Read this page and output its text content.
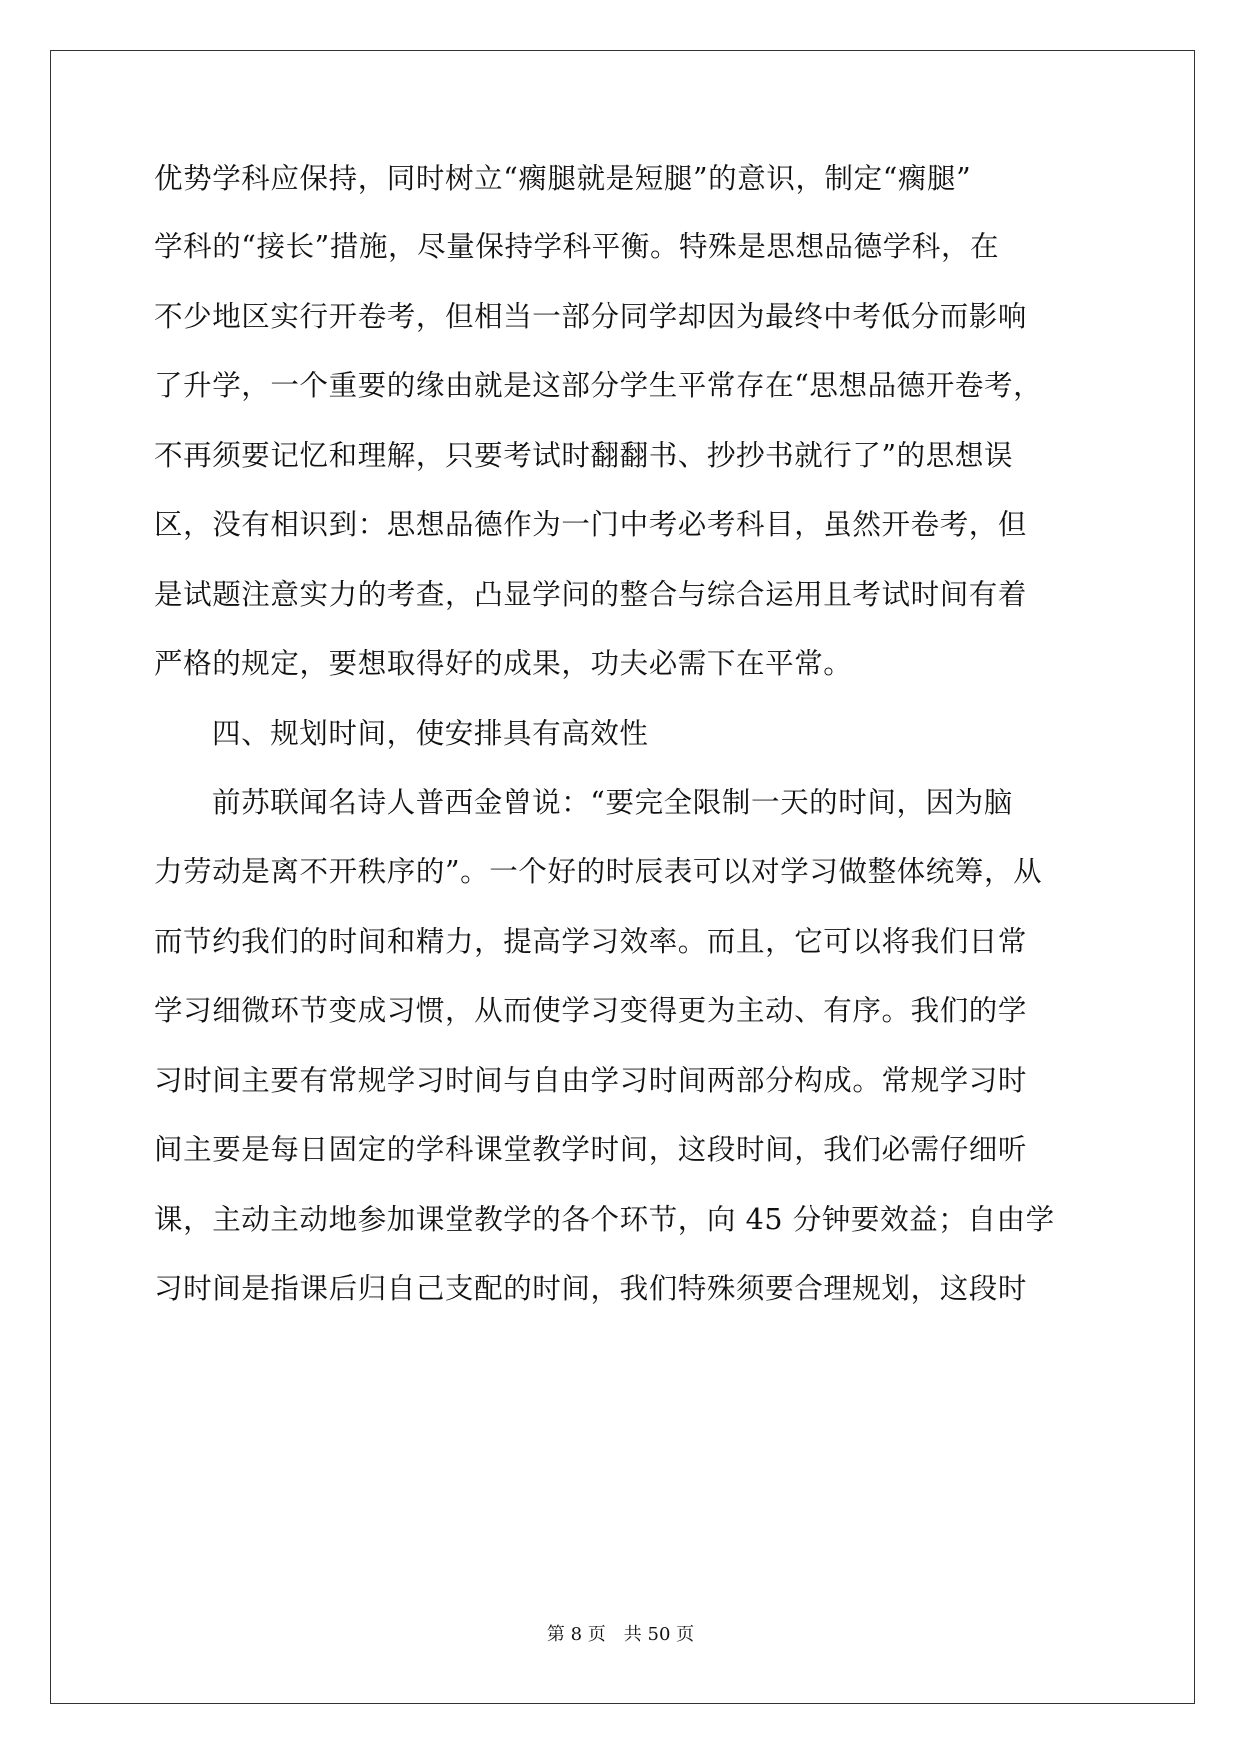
优势学科应保持，同时树立“瘸腿就是短腿”的意识，制定“瘸腿”
学科的“接长”措施，尽量保持学科平衡。特殊是思想品德学科，在
不少地区实行开卷考，但相当一部分同学却因为最终中考低分而影响
了升学，一个重要的缘由就是这部分学生平常存在“思想品德开卷考，
不再须要记忆和理解，只要考试时翻翻书、抄抄书就行了”的思想误
区，没有相识到：思想品德作为一门中考必考科目，虽然开卷考，但
是试题注意实力的考查，凸显学问的整合与综合运用且考试时间有着
严格的规定，要想取得好的成果，功夫必需下在平常。
四、规划时间，使安排具有高效性
前苏联闻名诗人普西金曾说：“要完全限制一天的时间，因为脑
力劳动是离不开秩序的”。一个好的时辰表可以对学习做整体统筹，从
而节约我们的时间和精力，提高学习效率。而且，它可以将我们日常
学习细微环节变成习惯，从而使学习变得更为主动、有序。我们的学
习时间主要有常规学习时间与自由学习时间两部分构成。常规学习时
间主要是每日固定的学科课堂教学时间，这段时间，我们必需仔细听
课，主动主动地参加课堂教学的各个环节，向 45 分钟要效益；自由学
习时间是指课后归自己支配的时间，我们特殊须要合理规划，这段时
第 8 页　共 50 页
